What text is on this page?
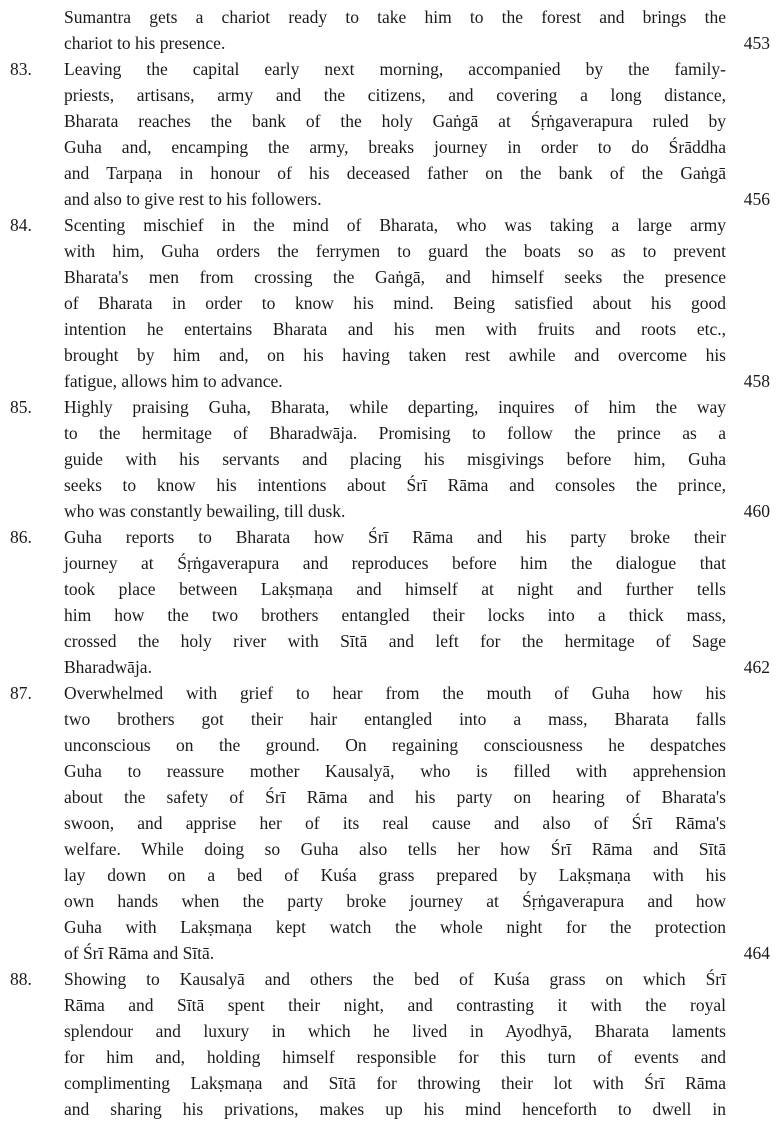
Sumantra gets a chariot ready to take him to the forest and brings the
chariot to his presence.	453
83.	Leaving the capital early next morning, accompanied by the family-
priests, artisans, army and the citizens, and covering a long distance,
Bharata reaches the bank of the holy Gaṅgā at Śṛṅgaverapura ruled by
Guha and, encamping the army, breaks journey in order to do Śrāddha
and Tarpaṇa in honour of his deceased father on the bank of the Gaṅgā
and also to give rest to his followers.	456
84.	Scenting mischief in the mind of Bharata, who was taking a large army
with him, Guha orders the ferrymen to guard the boats so as to prevent
Bharata's men from crossing the Gaṅgā, and himself seeks the presence
of Bharata in order to know his mind. Being satisfied about his good
intention he entertains Bharata and his men with fruits and roots etc.,
brought by him and, on his having taken rest awhile and overcome his
fatigue, allows him to advance.	458
85.	Highly praising Guha, Bharata, while departing, inquires of him the way
to the hermitage of Bharadwāja. Promising to follow the prince as a
guide with his servants and placing his misgivings before him, Guha
seeks to know his intentions about Śrī Rāma and consoles the prince,
who was constantly bewailing, till dusk.	460
86.	Guha reports to Bharata how Śrī Rāma and his party broke their
journey at Śṛṅgaverapura and reproduces before him the dialogue that
took place between Lakṣmaṇa and himself at night and further tells
him how the two brothers entangled their locks into a thick mass,
crossed the holy river with Sītā and left for the hermitage of Sage
Bharadwāja.	462
87.	Overwhelmed with grief to hear from the mouth of Guha how his
two brothers got their hair entangled into a mass, Bharata falls
unconscious on the ground. On regaining consciousness he despatches
Guha to reassure mother Kausalyā, who is filled with apprehension
about the safety of Śrī Rāma and his party on hearing of Bharata's
swoon, and apprise her of its real cause and also of Śrī Rāma's
welfare. While doing so Guha also tells her how Śrī Rāma and Sītā
lay down on a bed of Kuśa grass prepared by Lakṣmaṇa with his
own hands when the party broke journey at Śṛṅgaverapura and how
Guha with Lakṣmaṇa kept watch the whole night for the protection
of Śrī Rāma and Sītā.	464
88.	Showing to Kausalyā and others the bed of Kuśa grass on which Śrī
Rāma and Sītā spent their night, and contrasting it with the royal
splendour and luxury in which he lived in Ayodhyā, Bharata laments
for him and, holding himself responsible for this turn of events and
complimenting Lakṣmaṇa and Sītā for throwing their lot with Śrī Rāma
and sharing his privations, makes up his mind henceforth to dwell in
